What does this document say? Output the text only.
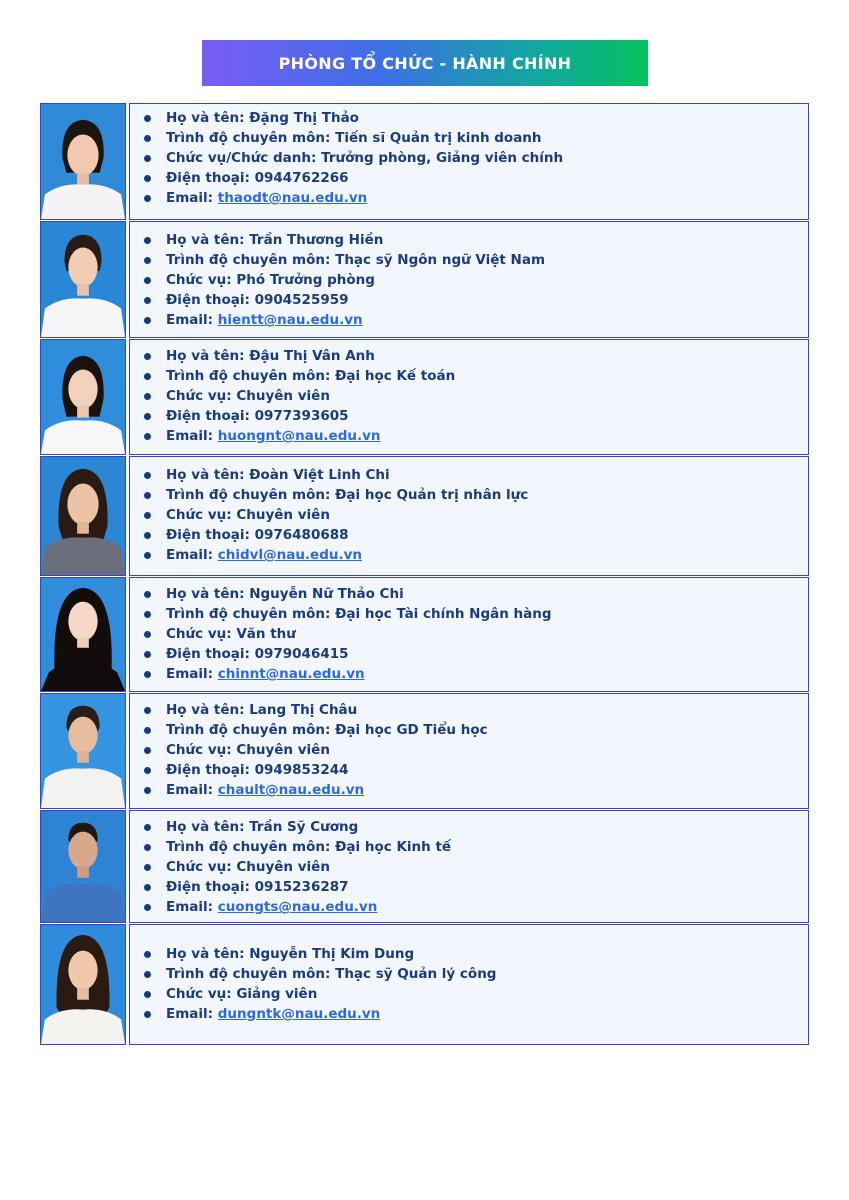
PHÒNG TỔ CHỨC - HÀNH CHÍNH
Họ và tên: Đặng Thị Thảo
Trình độ chuyên môn: Tiến sĩ Quản trị kinh doanh
Chức vụ/Chức danh: Trưởng phòng, Giảng viên chính
Điện thoại: 0944762266
Email: thaodt@nau.edu.vn
Họ và tên: Trần Thương Hiền
Trình độ chuyên môn: Thạc sỹ Ngôn ngữ Việt Nam
Chức vụ: Phó Trưởng phòng
Điện thoại: 0904525959
Email: hientt@nau.edu.vn
Họ và tên: Đậu Thị Vân Anh
Trình độ chuyên môn: Đại học Kế toán
Chức vụ: Chuyên viên
Điện thoại: 0977393605
Email: huongnt@nau.edu.vn
Họ và tên: Đoàn Việt Linh Chi
Trình độ chuyên môn: Đại học Quản trị nhân lực
Chức vụ: Chuyên viên
Điện thoại: 0976480688
Email: chidvl@nau.edu.vn
Họ và tên: Nguyễn Nữ Thảo Chi
Trình độ chuyên môn: Đại học Tài chính Ngân hàng
Chức vụ: Văn thư
Điện thoại: 0979046415
Email: chinnt@nau.edu.vn
Họ và tên: Lang Thị Châu
Trình độ chuyên môn: Đại học GD Tiểu học
Chức vụ: Chuyên viên
Điện thoại: 0949853244
Email: chault@nau.edu.vn
Họ và tên: Trần Sỹ Cương
Trình độ chuyên môn: Đại học Kinh tế
Chức vụ: Chuyên viên
Điện thoại: 0915236287
Email: cuongts@nau.edu.vn
Họ và tên: Nguyễn Thị Kim Dung
Trình độ chuyên môn: Thạc sỹ Quản lý công
Chức vụ: Giảng viên
Email: dungntk@nau.edu.vn
